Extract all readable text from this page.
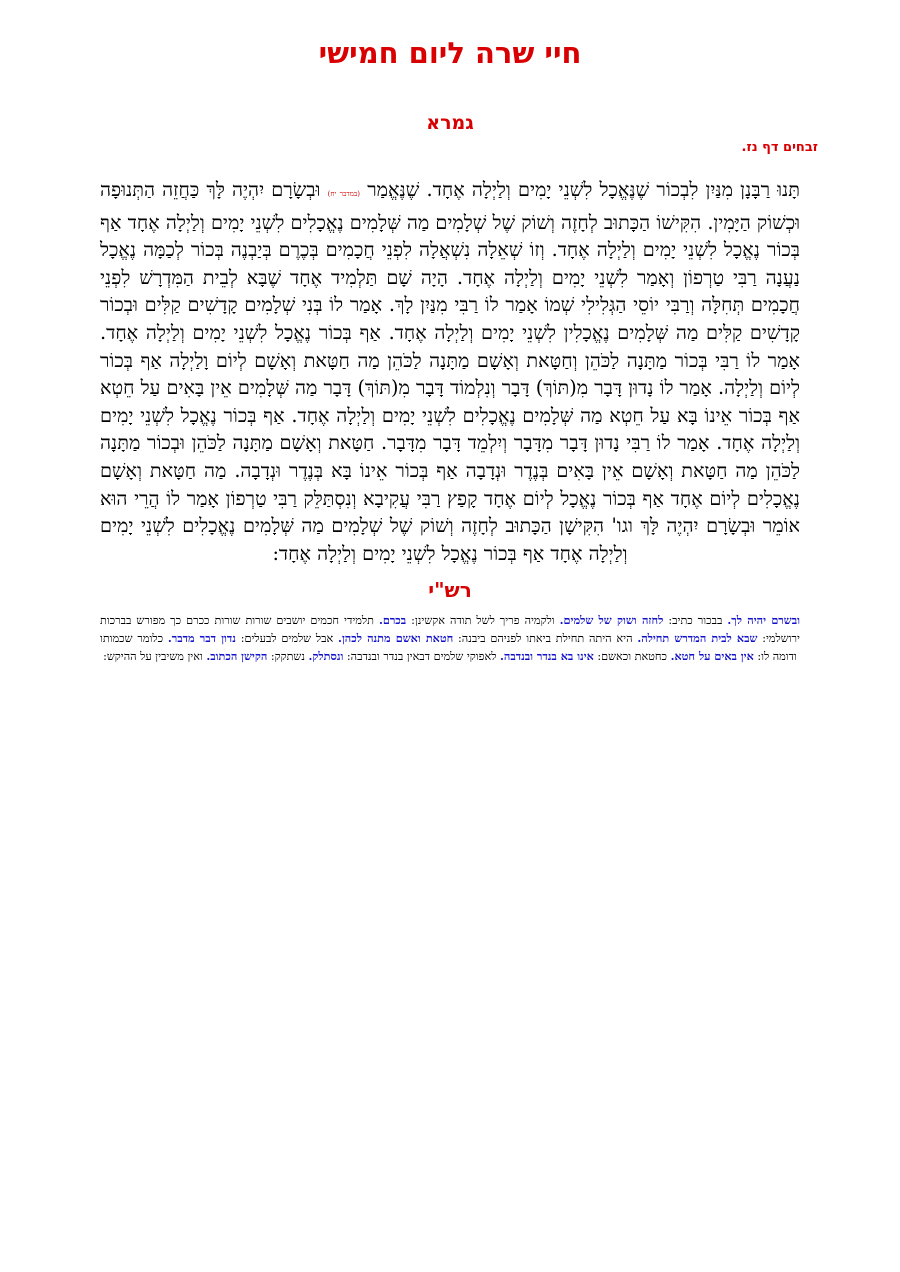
חיי שרה ליום חמישי
גמרא
זבחים דף נז.

תָּנוּ רַבָּנָן מִנַּיִן לִבְכוֹר שֶׁנֶּאֱכָל לִשְׁנֵי יָמִים וְלַיְלָה אֶחָד. שֶׁנֶּאֱמַר (במדבר יח) וּבְשָׂרָם יִהְיֶה לָּךְ כַּחֲזֵה הַתְּנוּפָה וּכְשׁוֹק הַיָּמִין. הִקִּישׁוֹ הַכָּתוּב לְחָזֶה וְשׁוֹק שֶׁל שְׁלָמִים מַה שְּׁלָמִים נֶאֱכָלִים לִשְׁנֵי יָמִים וְלַיְלָה אֶחָד אַף בְּכוֹר נֶאֱכָל לִשְׁנֵי יָמִים וְלַיְלָה אֶחָד. וְזוֹ שְׁאֵלָה נִשְׁאֲלָה לִפְנֵי חֲכָמִים בְּכֶרֶם בְּיַבְנֶה בְּכוֹר לְכַמָּה נֶאֱכָל נַעֲנָה רַבִּי טַרְפוֹן וְאָמַר לִשְׁנֵי יָמִים וְלַיְלָה אֶחָד. הָיָה שָׁם תַּלְמִיד אֶחָד שֶׁבָּא לְבֵית הַמִּדְרָשׁ לִפְנֵי חֲכָמִים תְּחִלָּה וְרַבִּי יוֹסֵי הַגְּלִילִי שְׁמוֹ אָמַר לוֹ רַבִּי מִנַּיִן לָךְ. אָמַר לוֹ בְּנִי שְׁלָמִים קָדָשִׁים קַלִּים וּבְכוֹר קָדָשִׁים קַלִּים מַה שְּׁלָמִים נֶאֱכָלִין לִשְׁנֵי יָמִים וְלַיְלָה אֶחָד. אַף בְּכוֹר נֶאֱכָל לִשְׁנֵי יָמִים וְלַיְלָה אֶחָד. אָמַר לוֹ רַבִּי בְּכוֹר מַתָּנָה לַכֹּהֵן וְחַטָּאת וְאָשָׁם מַתָּנָה לַכֹּהֵן מַה חַטָּאת וְאָשָׁם לְיוֹם וָלַיְלָה אַף בְּכוֹר לְיוֹם וְלַיְלָה. אָמַר לוֹ נָדוּן דָּבָר מִ(תּוֹךְ) דָּבָר וְנִלְמוֹד דָּבָר מִ(תּוֹךְ) דָּבָר מַה שְּׁלָמִים אֵין בָּאִים עַל חֵטְא אַף בְּכוֹר אֵינוֹ בָּא עַל חֵטְא מַה שְּׁלָמִים נֶאֱכָלִים לִשְׁנֵי יָמִים וְלַיְלָה אֶחָד. אַף בְּכוֹר נֶאֱכָל לִשְׁנֵי יָמִים וְלַיְלָה אֶחָד. אָמַר לוֹ רַבִּי נָדוּן דָּבָר מִדָּבָר וְיִלְמֵד דָּבָר מִדָּבָר. חַטָּאת וְאָשָׁם מַתָּנָה לַכֹּהֵן וּבְכוֹר מַתָּנָה לַכֹּהֵן מַה חַטָּאת וְאָשָׁם אֵין בָּאִים בְּנֶדֶר וּנְדָבָה אַף בְּכוֹר אֵינוֹ בָּא בְּנֶדֶר וּנְדָבָה. מַה חַטָּאת וְאָשָׁם נֶאֱכָלִים לְיוֹם אֶחָד אַף בְּכוֹר נֶאֱכָל לְיוֹם אֶחָד קָפַץ רַבִּי עֲקִיבָא וְנִסְתַּלֵּק רַבִּי טַרְפוֹן אָמַר לוֹ הֲרֵי הוּא אוֹמֵר וּבְשָׂרָם יִהְיֶה לָּךְ וגו' הִקִּישָׁן הַכָּתוּב לְחָזֶה וְשׁוֹק שֶׁל שְׁלָמִים מַה שְּׁלָמִים נֶאֱכָלִים לִשְׁנֵי יָמִים וְלַיְלָה אֶחָד אַף בְּכוֹר נֶאֱכָל לִשְׁנֵי יָמִים וְלַיְלָה אֶחָד:

רש"י

ובשרם יהיה לך. בבכור כתיב: לחזה ושוק של שלמים. ולקמיה פריך לשל תודה אקשינן: בכרם. תלמידי חכמים יושבים שורות שורות ככרם כך מפורש בברכות ירושלמי: שבא לבית המדרש תחילה. היא היתה תחילת ביאתו לפניהם ביבנה: חטאת ואשם מתנה לכהן. אבל שלמים לבעלים: נדון דבר מדבר. כלומר שכמותו ודומה לו: אין באים על חטא. כחטאת וכאשם: אינו בא בנדר ובנדבה. לאפוקי שלמים דבאין בנדר ובנדבה: ונסתלק. נשתקק: הקישן הכתוב. ואין משיבין על ההיקש:
